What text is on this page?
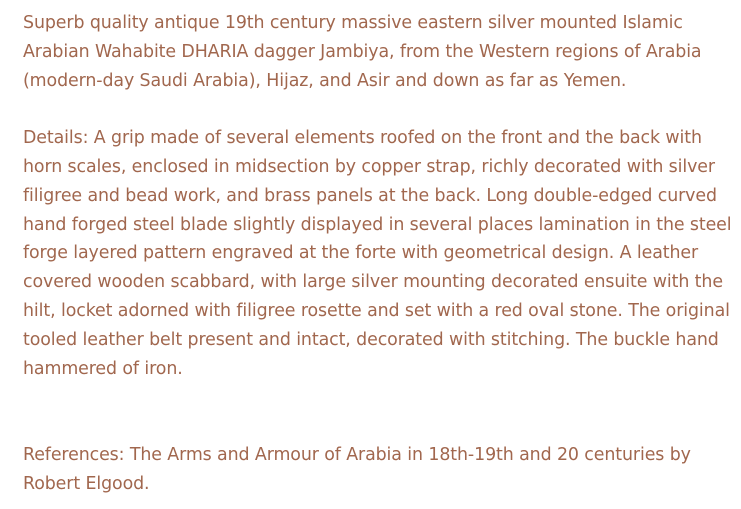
Superb quality antique 19th century massive eastern silver mounted Islamic Arabian Wahabite DHARIA dagger Jambiya, from the Western regions of Arabia (modern-day Saudi Arabia), Hijaz, and Asir and down as far as Yemen.

Details: A grip made of several elements roofed on the front and the back with horn scales, enclosed in midsection by copper strap, richly decorated with silver filigree and bead work, and brass panels at the back. Long double-edged curved hand forged steel blade slightly displayed in several places lamination in the steel forge layered pattern engraved at the forte with geometrical design. A leather covered wooden scabbard, with large silver mounting decorated ensuite with the hilt, locket adorned with filigree rosette and set with a red oval stone. The original tooled leather belt present and intact, decorated with stitching. The buckle hand hammered of iron.

References: The Arms and Armour of Arabia in 18th-19th and 20 centuries by Robert Elgood.
